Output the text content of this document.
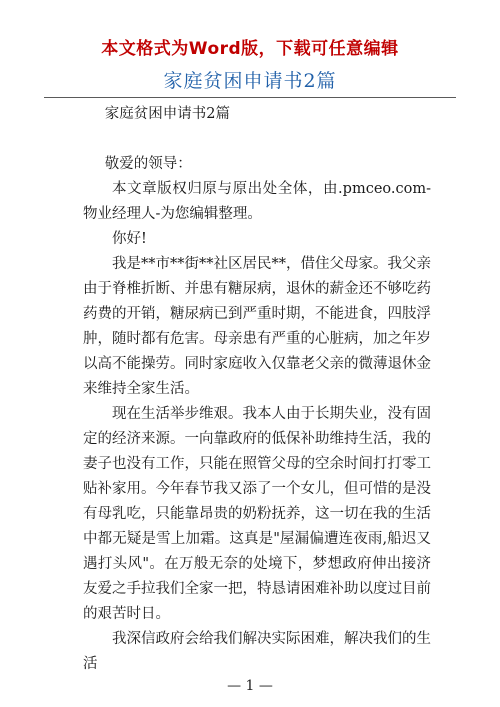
本文格式为Word版，下载可任意编辑
家庭贫困申请书2篇

家庭贫困申请书2篇

敬爱的领导：

本文章版权归原与原出处全体，由.pmceo.com-物业经理人-为您编辑整理。

你好!

我是**市**街**社区居民**，借住父母家。我父亲由于脊椎折断、并患有糖尿病，退休的薪金还不够吃药药费的开销，糖尿病已到严重时期，不能进食，四肢浮肿，随时都有危害。母亲患有严重的心脏病，加之年岁以高不能操劳。同时家庭收入仅靠老父亲的微薄退休金来维持全家生活。

现在生活举步维艰。我本人由于长期失业，没有固定的经济来源。一向靠政府的低保补助维持生活，我的妻子也没有工作，只能在照管父母的空余时间打打零工贴补家用。今年春节我又添了一个女儿，但可惜的是没有母乳吃，只能靠昂贵的奶粉抚养，这一切在我的生活中都无疑是雪上加霜。这真是"屋漏偏遭连夜雨,船迟又遇打头风"。在万般无奈的处境下，梦想政府伸出接济友爱之手拉我们全家一把，特恳请困难补助以度过目前的艰苦时日。

我深信政府会给我们解决实际困难，解决我们的生活

— 1 —
